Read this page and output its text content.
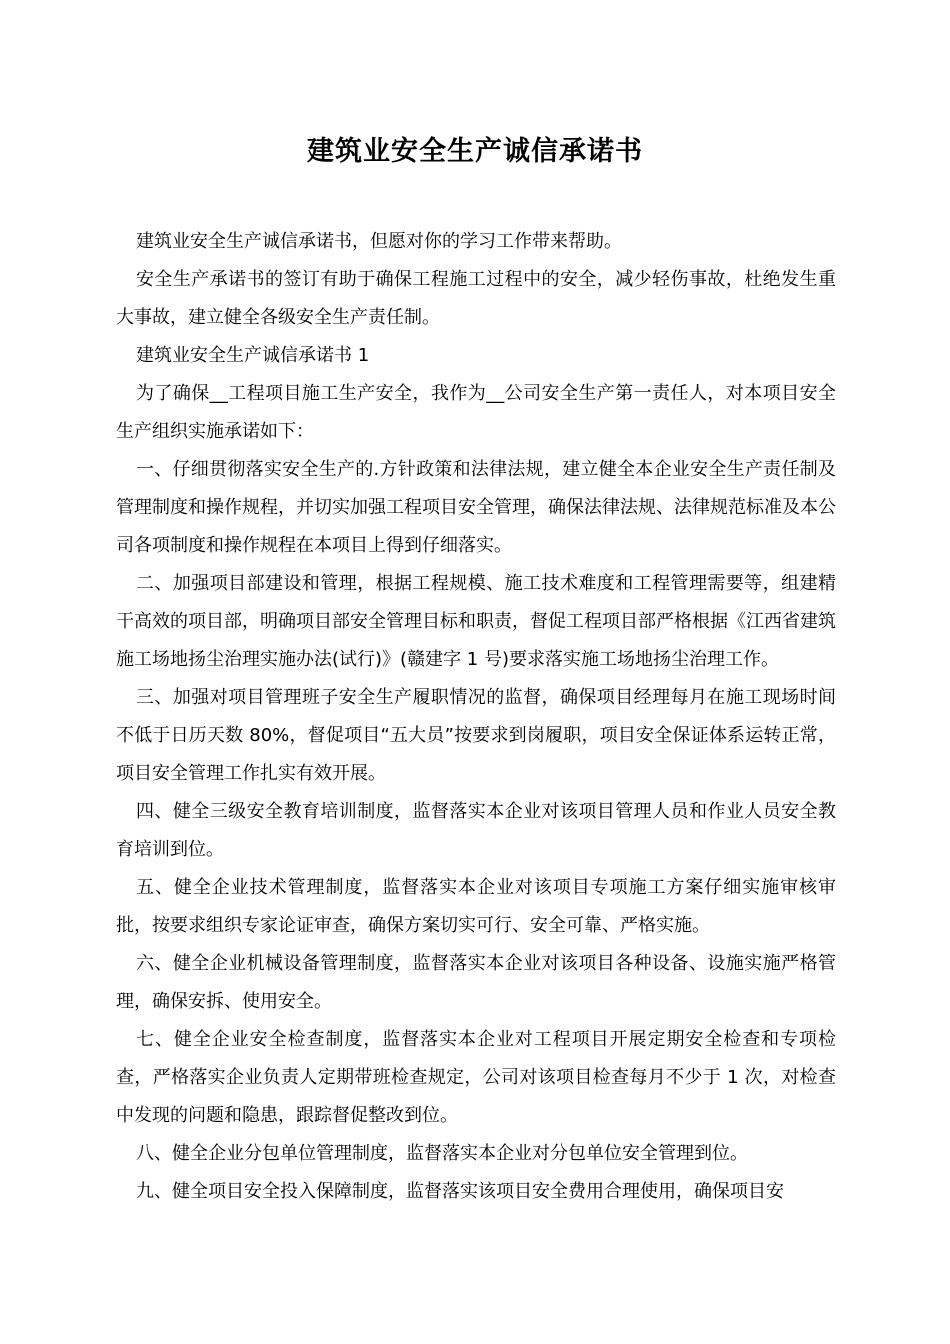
建筑业安全生产诚信承诺书

建筑业安全生产诚信承诺书，但愿对你的学习工作带来帮助。

安全生产承诺书的签订有助于确保工程施工过程中的安全，减少轻伤事故，杜绝发生重大事故，建立健全各级安全生产责任制。

建筑业安全生产诚信承诺书 1

为了确保__工程项目施工生产安全，我作为__公司安全生产第一责任人，对本项目安全生产组织实施承诺如下：

一、仔细贯彻落实安全生产的.方针政策和法律法规，建立健全本企业安全生产责任制及管理制度和操作规程，并切实加强工程项目安全管理，确保法律法规、法律规范标准及本公司各项制度和操作规程在本项目上得到仔细落实。

二、加强项目部建设和管理，根据工程规模、施工技术难度和工程管理需要等，组建精干高效的项目部，明确项目部安全管理目标和职责，督促工程项目部严格根据《江西省建筑施工场地扬尘治理实施办法(试行)》(赣建字 1 号)要求落实施工场地扬尘治理工作。

三、加强对项目管理班子安全生产履职情况的监督，确保项目经理每月在施工现场时间不低于日历天数 80%，督促项目“五大员”按要求到岗履职，项目安全保证体系运转正常，项目安全管理工作扎实有效开展。

四、健全三级安全教育培训制度，监督落实本企业对该项目管理人员和作业人员安全教育培训到位。

五、健全企业技术管理制度，监督落实本企业对该项目专项施工方案仔细实施审核审批，按要求组织专家论证审查，确保方案切实可行、安全可靠、严格实施。

六、健全企业机械设备管理制度，监督落实本企业对该项目各种设备、设施实施严格管理，确保安拆、使用安全。

七、健全企业安全检查制度，监督落实本企业对工程项目开展定期安全检查和专项检查，严格落实企业负责人定期带班检查规定，公司对该项目检查每月不少于 1 次，对检查中发现的问题和隐患，跟踪督促整改到位。

八、健全企业分包单位管理制度，监督落实本企业对分包单位安全管理到位。

九、健全项目安全投入保障制度，监督落实该项目安全费用合理使用，确保项目安
